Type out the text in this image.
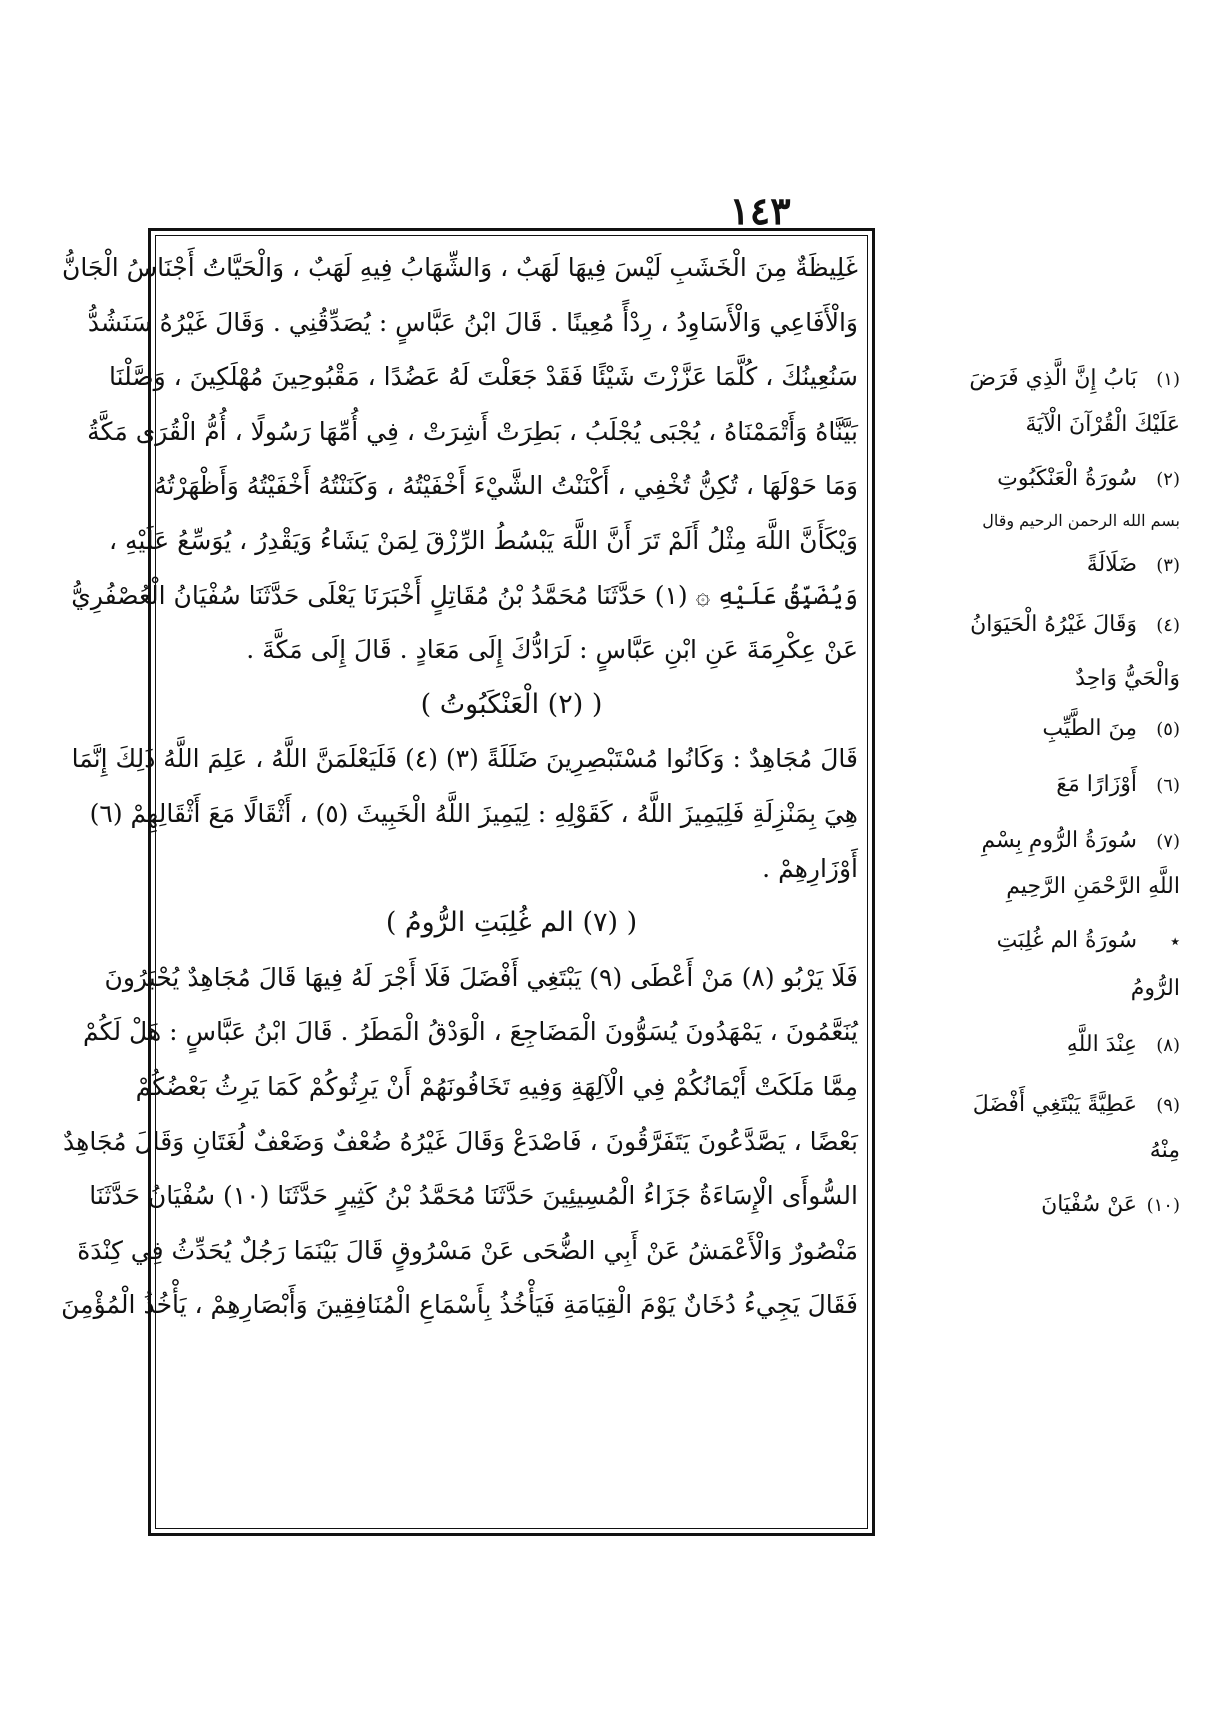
١٤٣
غَلِيظَةٌ مِنَ الْخَشَبِ لَيْسَ فِيهَا لَهَبٌ ، وَالشِّهَابُ فِيهِ لَهَبٌ ، وَالْحَيَّاتُ أَجْنَاسُ الْجَانُّ
وَالْأَفَاعِي وَالْأَسَاوِدُ ، رِدْأً مُعِينًا . قَالَ ابْنُ عَبَّاسٍ : يُصَدِّقُنِي . وَقَالَ غَيْرُهُ سَنَشُدُّ
سَنُعِينُكَ ، كُلَّمَا عَزَّزْتَ شَيْئًا فَقَدْ جَعَلْتَ لَهُ عَضُدًا ، مَقْبُوحِينَ مُهْلَكِينَ ، وَصَّلْنَا
بَيَّنَّاهُ وَأَتْمَمْنَاهُ ، يُجْبَى يُجْلَبُ ، بَطِرَتْ أَشِرَتْ ، فِي أُمِّهَا رَسُولًا ، أُمُّ الْقُرَى مَكَّةُ
وَمَا حَوْلَهَا ، تُكِنُّ تُخْفِي ، أَكْنَنْتُ الشَّيْءَ أَخْفَيْتُهُ ، وَكَنَنْتُهُ أَخْفَيْتُهُ وَأَظْهَرْتُهُ
وَيْكَأَنَّ اللَّهَ مِثْلُ أَلَمْ تَرَ أَنَّ اللَّهَ يَبْسُطُ الرِّزْقَ لِمَنْ يَشَاءُ وَيَقْدِرُ ، يُوَسِّعُ عَلَيْهِ ،
وَيُضَيِّقُ عَلَيْهِ ۞ (١) حَدَّثَنَا مُحَمَّدُ بْنُ مُقَاتِلٍ أَخْبَرَنَا يَعْلَى حَدَّثَنَا سُفْيَانُ الْعُصْفُرِيُّ
عَنْ عِكْرِمَةَ عَنِ ابْنِ عَبَّاسٍ : لَرَادُّكَ إِلَى مَعَادٍ . قَالَ إِلَى مَكَّةَ .
( (٢) الْعَنْكَبُوتُ )
قَالَ مُجَاهِدٌ : وَكَانُوا مُسْتَبْصِرِينَ ضَلَلَةً (٣) (٤) فَلَيَعْلَمَنَّ اللَّهُ ، عَلِمَ اللَّهُ ذَلِكَ إِنَّمَا
هِيَ بِمَنْزِلَةِ فَلِيَمِيزَ اللَّهُ ، كَقَوْلِهِ : لِيَمِيزَ اللَّهُ الْخَبِيثَ (٥) ، أَثْقَالًا مَعَ أَثْقَالِهِمْ (٦)
أَوْزَارِهِمْ .
( (٧) الم غُلِبَتِ الرُّومُ )
فَلَا يَرْبُو (٨) مَنْ أَعْطَى (٩) يَبْتَغِي أَفْضَلَ فَلَا أَجْرَ لَهُ فِيهَا قَالَ مُجَاهِدٌ يُحْبَرُونَ
يُنَعَّمُونَ ، يَمْهَدُونَ يُسَوُّونَ الْمَضَاجِعَ ، الْوَدْقُ الْمَطَرُ . قَالَ ابْنُ عَبَّاسٍ : هَلْ لَكُمْ
مِمَّا مَلَكَتْ أَيْمَانُكُمْ فِي الْآلِهَةِ وَفِيهِ تَخَافُونَهُمْ أَنْ يَرِثُوكُمْ كَمَا يَرِثُ بَعْضُكُمْ
بَعْضًا ، يَصَّدَّعُونَ يَتَفَرَّقُونَ ، فَاصْدَعْ وَقَالَ غَيْرُهُ ضُعْفٌ وَضَعْفٌ لُغَتَانِ وَقَالَ مُجَاهِدٌ
السُّوأَى الْإِسَاءَةُ جَزَاءُ الْمُسِيئِينَ حَدَّثَنَا مُحَمَّدُ بْنُ كَثِيرٍ حَدَّثَنَا (١٠) سُفْيَانُ حَدَّثَنَا
مَنْصُورٌ وَالْأَعْمَشُ عَنْ أَبِي الضُّحَى عَنْ مَسْرُوقٍ قَالَ بَيْنَمَا رَجُلٌ يُحَدِّثُ فِي كِنْدَةَ
فَقَالَ يَجِيءُ دُخَانٌ يَوْمَ الْقِيَامَةِ فَيَأْخُذُ بِأَسْمَاعِ الْمُنَافِقِينَ وَأَبْصَارِهِمْ ، يَأْخُذُ الْمُؤْمِنَ
(١) بَابُ إِنَّ الَّذِي فَرَضَ
عَلَيْكَ الْقُرْآنَ الْآيَةَ
(٢) سُورَةُ الْعَنْكَبُوتِ
بسم الله الرحمن الرحيم وقال
(٣) ضَلَالَةً
(٤) وَقَالَ غَيْرُهُ الْحَيَوَانُ
وَالْحَيُّ وَاحِدٌ
(٥) مِنَ الطَّيِّبِ
(٦) أَوْزَارًا مَعَ
(٧) سُورَةُ الرُّومِ بِسْمِ
اللَّهِ الرَّحْمَنِ الرَّحِيمِ
٭ سُورَةُ الم غُلِبَتِ
الرُّومُ
(٨) عِنْدَ اللَّهِ
(٩) عَطِيَّةً يَبْتَغِي أَفْضَلَ
مِنْهُ
(١٠) عَنْ سُفْيَانَ
